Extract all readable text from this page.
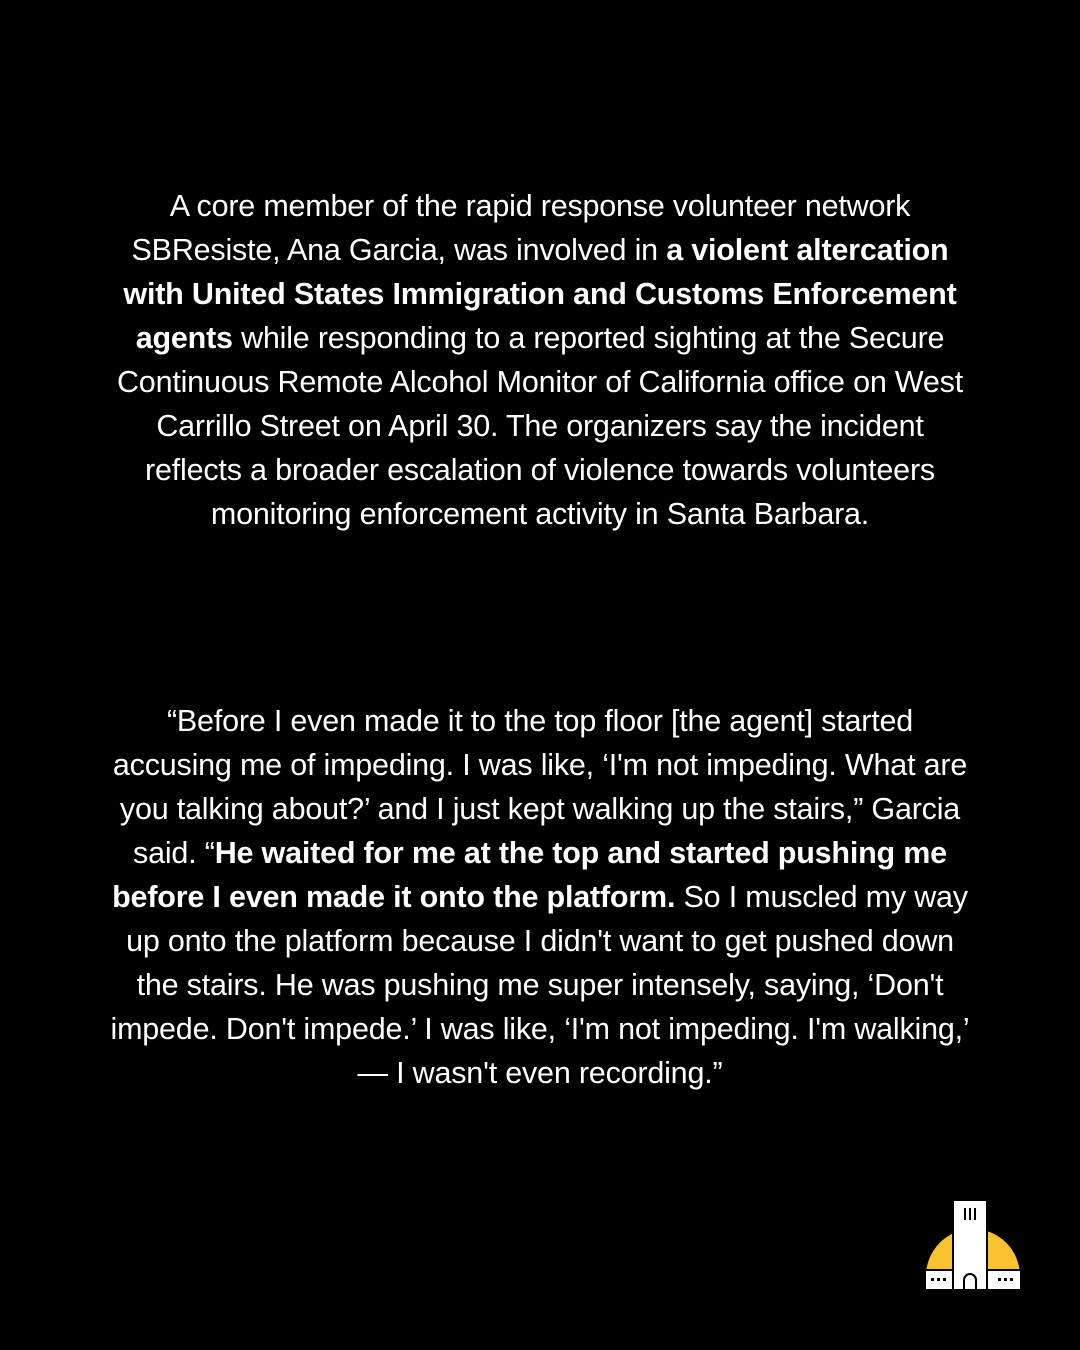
A core member of the rapid response volunteer network SBResiste, Ana Garcia, was involved in a violent altercation with United States Immigration and Customs Enforcement agents while responding to a reported sighting at the Secure Continuous Remote Alcohol Monitor of California office on West Carrillo Street on April 30. The organizers say the incident reflects a broader escalation of violence towards volunteers monitoring enforcement activity in Santa Barbara.

“Before I even made it to the top floor [the agent] started accusing me of impeding. I was like, ‘I'm not impeding. What are you talking about?’ and I just kept walking up the stairs,” Garcia said. “He waited for me at the top and started pushing me before I even made it onto the platform. So I muscled my way up onto the platform because I didn't want to get pushed down the stairs. He was pushing me super intensely, saying, ‘Don't impede. Don't impede.’ I was like, ‘I'm not impeding. I'm walking,’ — I wasn't even recording.”
